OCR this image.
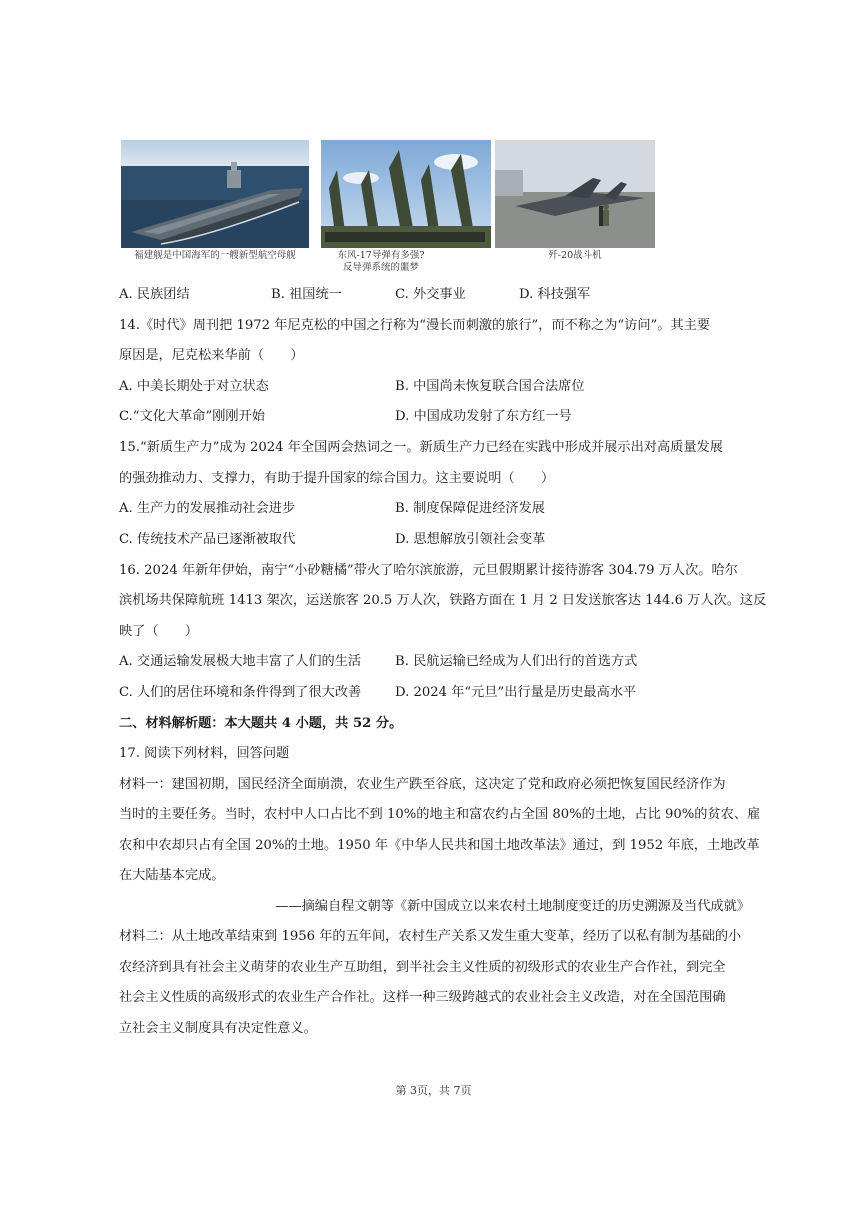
福建舰是中国海军的一艘新型航空母舰	东风-17导弹有多强?
反导弹系统的噩梦
歼-20战斗机
A. 民族团结	B. 祖国统一	C. 外交事业	D. 科技强军
14.《时代》周刊把 1972 年尼克松的中国之行称为“漫长而刺激的旅行”，而不称之为“访问”。其主要
原因是，尼克松来华前（　　）
A. 中美长期处于对立状态	B. 中国尚未恢复联合国合法席位
C.“文化大革命”刚刚开始	D. 中国成功发射了东方红一号
15.“新质生产力”成为 2024 年全国两会热词之一。新质生产力已经在实践中形成并展示出对高质量发展
的强劲推动力、支撑力，有助于提升国家的综合国力。这主要说明（　　）
A. 生产力的发展推动社会进步	B. 制度保障促进经济发展
C. 传统技术产品已逐渐被取代	D. 思想解放引领社会变革
16. 2024 年新年伊始，南宁“小砂糖橘”带火了哈尔滨旅游，元旦假期累计接待游客 304.79 万人次。哈尔
滨机场共保障航班 1413 架次，运送旅客 20.5 万人次，铁路方面在 1 月 2 日发送旅客达 144.6 万人次。这反
映了（　　）
A. 交通运输发展极大地丰富了人们的生活	B. 民航运输已经成为人们出行的首选方式
C. 人们的居住环境和条件得到了很大改善	D. 2024 年“元旦”出行量是历史最高水平
二、材料解析题：本大题共 4 小题，共 52 分。
17. 阅读下列材料，回答问题
材料一：建国初期，国民经济全面崩溃，农业生产跌至谷底，这决定了党和政府必须把恢复国民经济作为
当时的主要任务。当时，农村中人口占比不到 10%的地主和富农约占全国 80%的土地，占比 90%的贫农、雇
农和中农却只占有全国 20%的土地。1950 年《中华人民共和国土地改革法》通过，到 1952 年底，土地改革
在大陆基本完成。
——摘编自程文朝等《新中国成立以来农村土地制度变迁的历史溯源及当代成就》
材料二：从土地改革结束到 1956 年的五年间，农村生产关系又发生重大变革，经历了以私有制为基础的小
农经济到具有社会主义萌芽的农业生产互助组，到半社会主义性质的初级形式的农业生产合作社，到完全
社会主义性质的高级形式的农业生产合作社。这样一种三级跨越式的农业社会主义改造，对在全国范围确
立社会主义制度具有决定性意义。
第 3页，共 7页
